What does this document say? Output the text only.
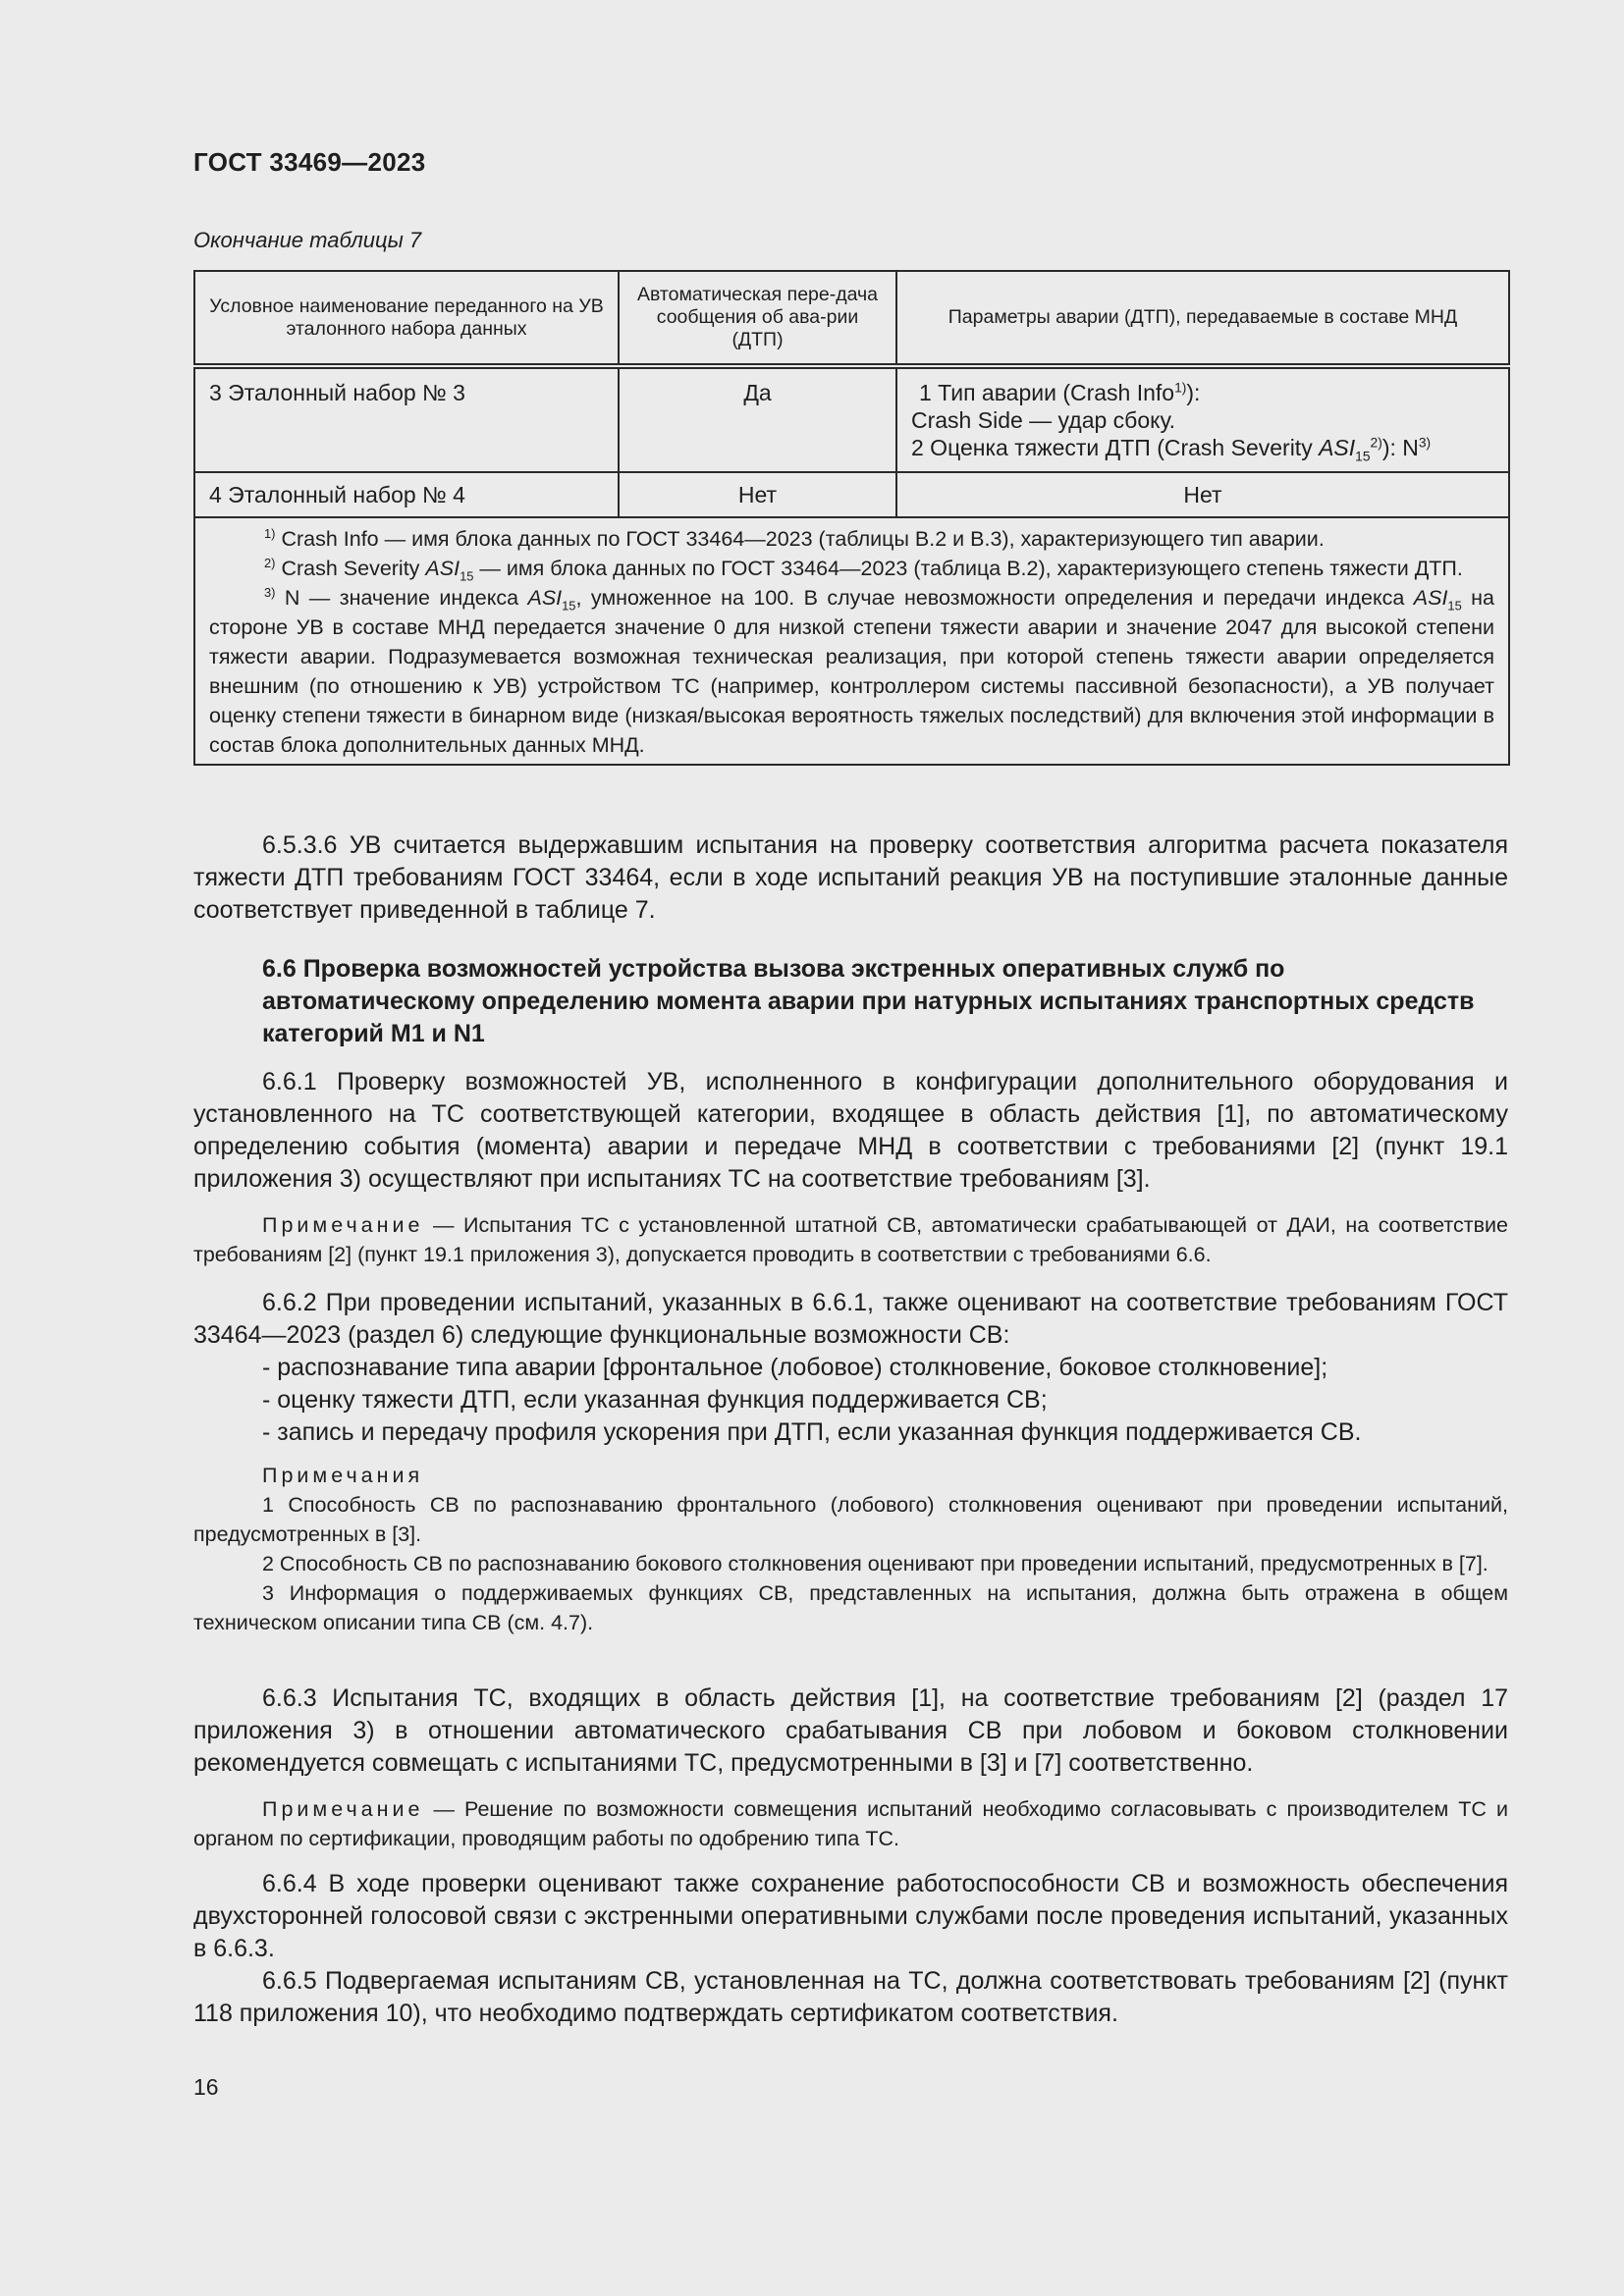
ГОСТ 33469—2023
Окончание таблицы 7
Условное наименование переданного на УВ эталонного набора данных	Автоматическая пере-дача сообщения об ава-рии (ДТП)	Параметры аварии (ДТП), передаваемые в составе МНД
3 Эталонный набор № 3	Да	1 Тип аварии (Crash Info$^{1)}$):
Crash Side — удар сбоку.
2 Оценка тяжести ДТП (Crash Severity $ASI_{15}^{2)}$): $N^{3)}$

4 Эталонный набор № 4	Нет	Нет

$^{1)}$ Crash Info — имя блока данных по ГОСТ 33464—2023 (таблицы В.2 и В.3), характеризующего тип аварии.
$^{2)}$ Crash Severity $ASI_{15}$ — имя блока данных по ГОСТ 33464—2023 (таблица В.2), характеризующего степень тяжести ДТП.
$^{3)}$ N — значение индекса $ASI_{15}$, умноженное на 100. В случае невозможности определения и передачи индекса $ASI_{15}$ на стороне УВ в составе МНД передается значение 0 для низкой степени тяжести аварии и значение 2047 для высокой степени тяжести аварии. Подразумевается возможная техническая реализация, при которой степень тяжести аварии определяется внешним (по отношению к УВ) устройством ТС (например, контроллером системы пассивной безопасности), а УВ получает оценку степени тяжести в бинарном виде (низкая/высокая вероятность тяжелых последствий) для включения этой информации в состав блока дополнительных данных МНД.		

6.5.3.6 УВ считается выдержавшим испытания на проверку соответствия алгоритма расчета показателя тяжести ДТП требованиям ГОСТ 33464, если в ходе испытаний реакция УВ на поступившие эталонные данные соответствует приведенной в таблице 7.

6.6 Проверка возможностей устройства вызова экстренных оперативных служб по автоматическому определению момента аварии при натурных испытаниях транспортных средств категорий М1 и N1

6.6.1 Проверку возможностей УВ, исполненного в конфигурации дополнительного оборудования и установленного на ТС соответствующей категории, входящее в область действия [1], по автоматическому определению события (момента) аварии и передаче МНД в соответствии с требованиями [2] (пункт 19.1 приложения 3) осуществляют при испытаниях ТС на соответствие требованиям [3].

Примечание — Испытания ТС с установленной штатной СВ, автоматически срабатывающей от ДАИ, на соответствие требованиям [2] (пункт 19.1 приложения 3), допускается проводить в соответствии с требованиями 6.6.

6.6.2 При проведении испытаний, указанных в 6.6.1, также оценивают на соответствие требованиям ГОСТ 33464—2023 (раздел 6) следующие функциональные возможности СВ:

- распознавание типа аварии [фронтальное (лобовое) столкновение, боковое столкновение];
- оценку тяжести ДТП, если указанная функция поддерживается СВ;
- запись и передачу профиля ускорения при ДТП, если указанная функция поддерживается СВ.

Примечания

1 Способность СВ по распознаванию фронтального (лобового) столкновения оценивают при проведении испытаний, предусмотренных в [3].

2 Способность СВ по распознаванию бокового столкновения оценивают при проведении испытаний, предусмотренных в [7].

3 Информация о поддерживаемых функциях СВ, представленных на испытания, должна быть отражена в общем техническом описании типа СВ (см. 4.7).

6.6.3 Испытания ТС, входящих в область действия [1], на соответствие требованиям [2] (раздел 17 приложения 3) в отношении автоматического срабатывания СВ при лобовом и боковом столкновении рекомендуется совмещать с испытаниями ТС, предусмотренными в [3] и [7] соответственно.

Примечание — Решение по возможности совмещения испытаний необходимо согласовывать с производителем ТС и органом по сертификации, проводящим работы по одобрению типа ТС.

6.6.4 В ходе проверки оценивают также сохранение работоспособности СВ и возможность обеспечения двухсторонней голосовой связи с экстренными оперативными службами после проведения испытаний, указанных в 6.6.3.

6.6.5 Подвергаемая испытаниям СВ, установленная на ТС, должна соответствовать требованиям [2] (пункт 118 приложения 10), что необходимо подтверждать сертификатом соответствия.

16
